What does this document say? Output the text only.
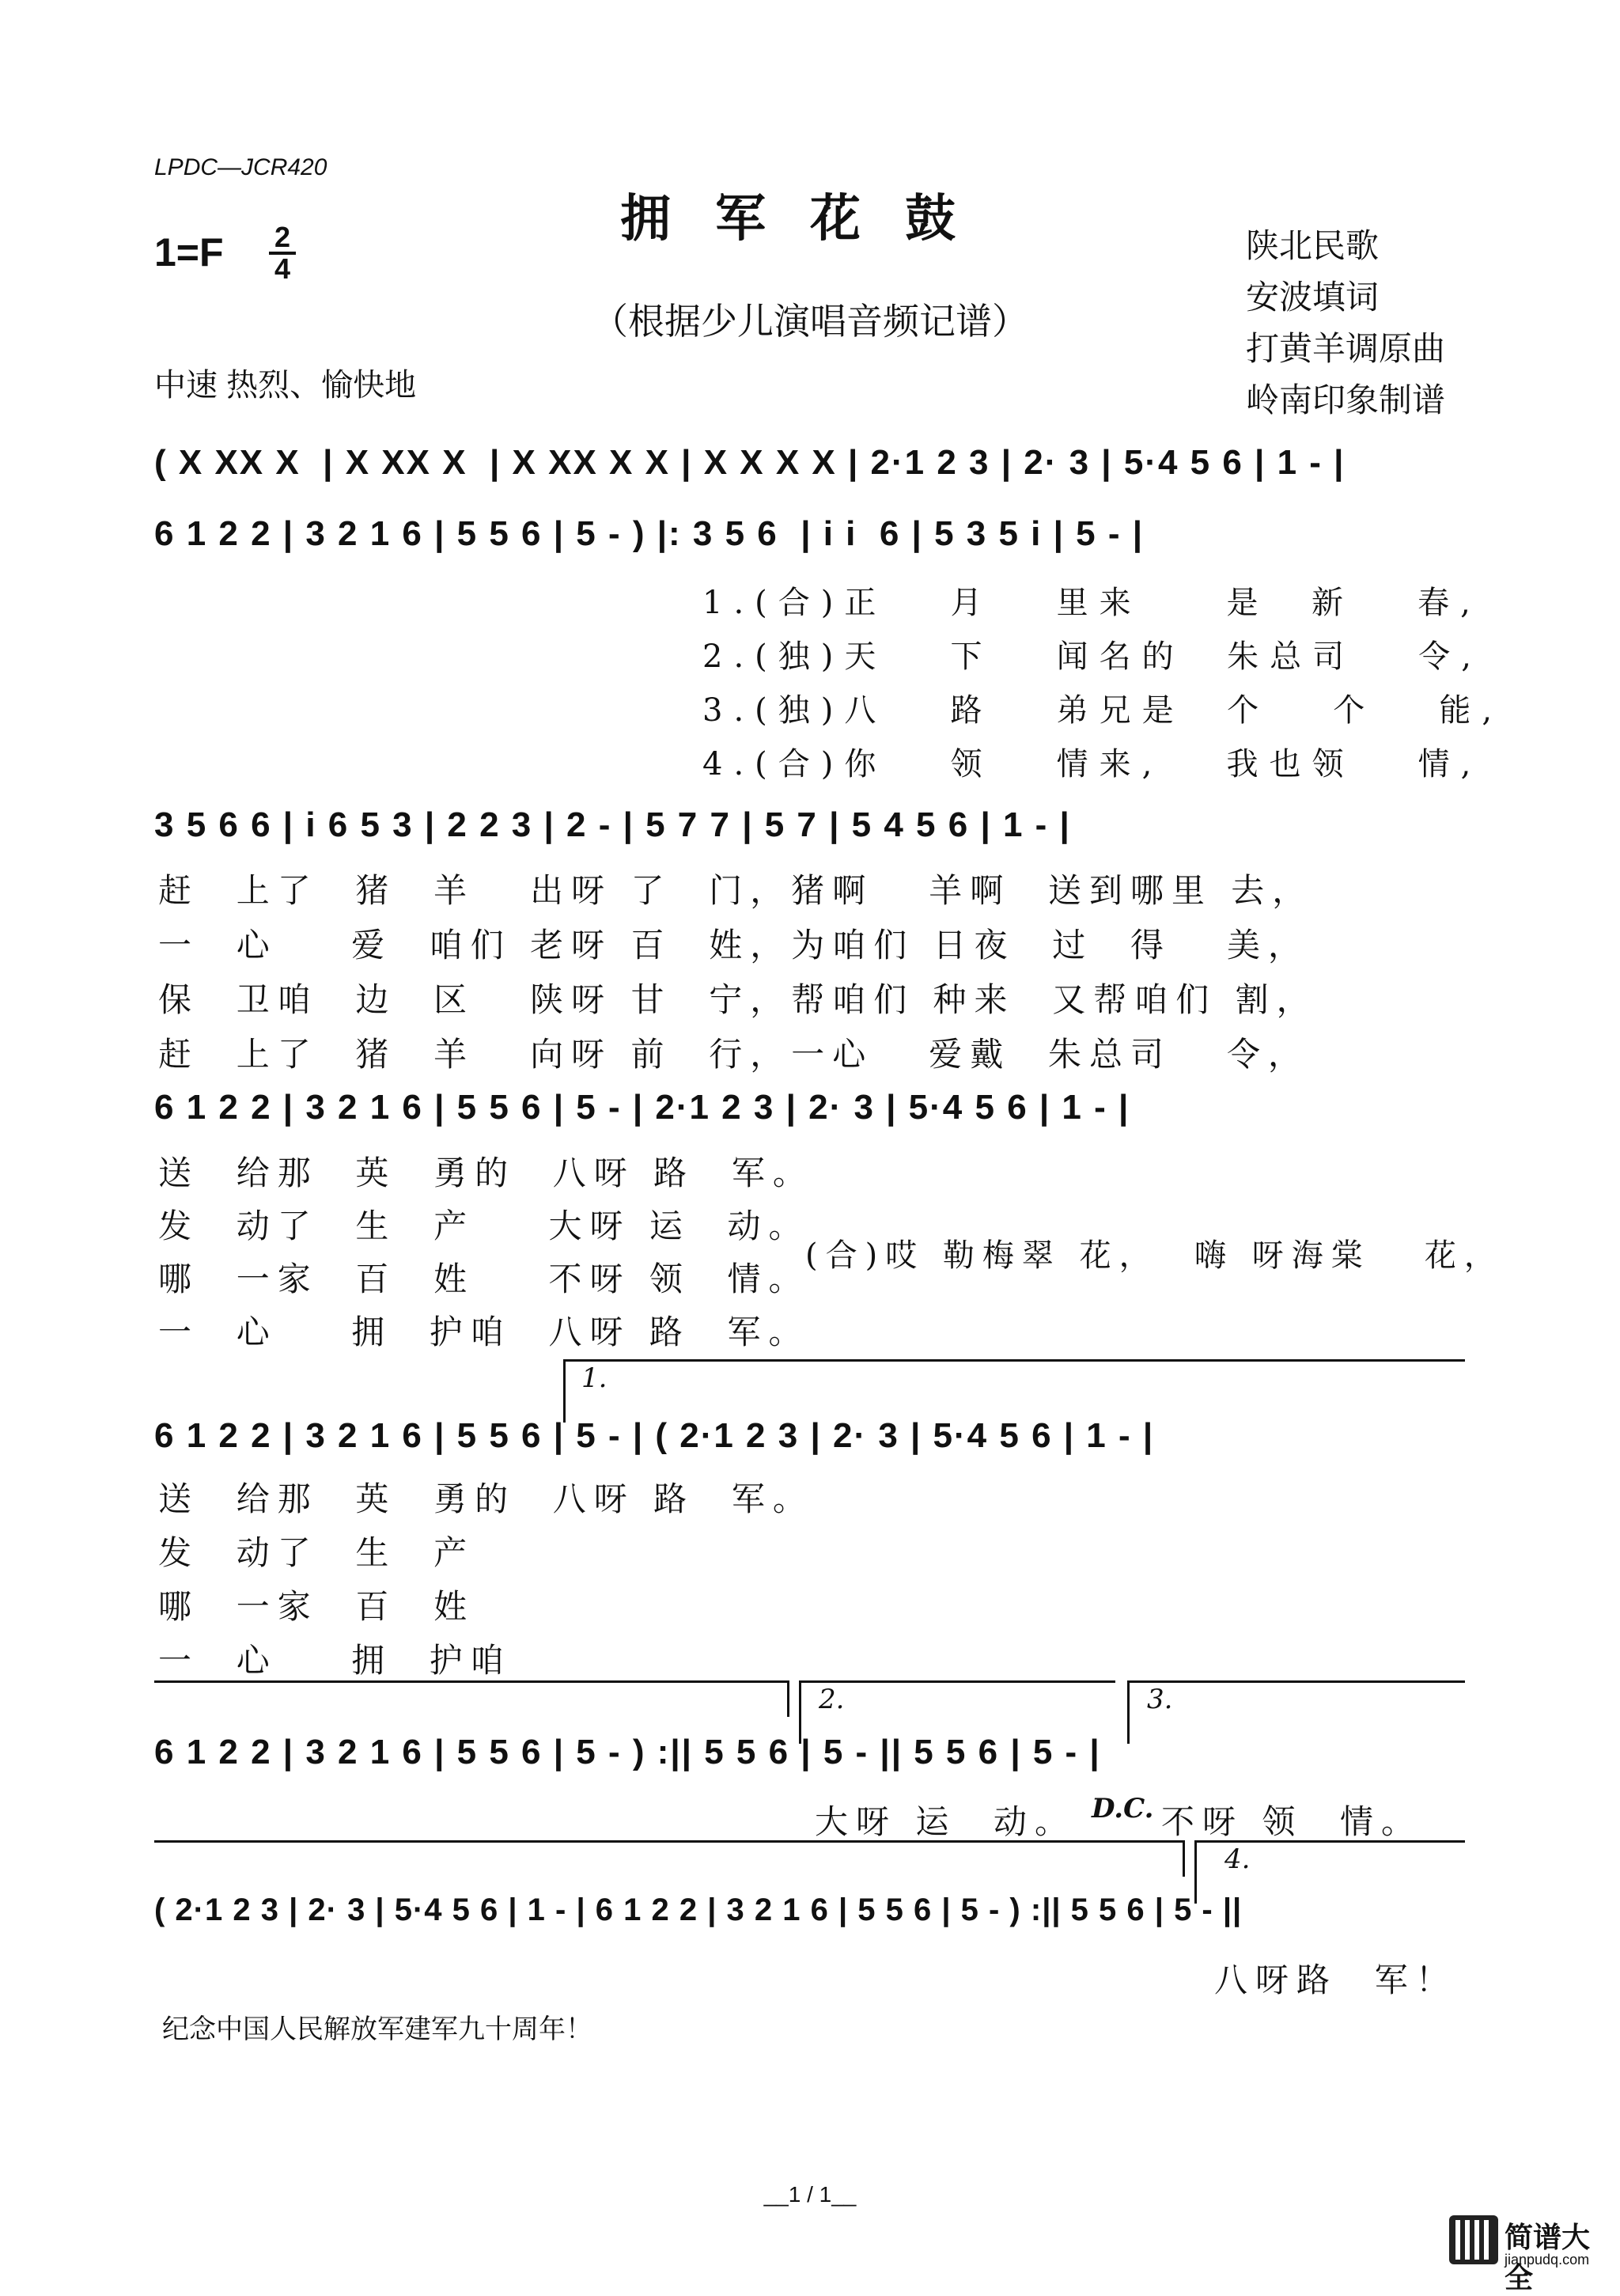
LPDC—JCR420
拥军花鼓
（根据少儿演唱音频记谱）
1=F 2
4
中速 热烈、愉快地
陕北民歌
安波填词
打黄羊调原曲
岭南印象制谱
( X XX X  | X XX X  | X XX X X | X X X X | 2·1 2 3 | 2· 3 | 5·4 5 6 | 1 - |
6 1 2 2 | 3 2 1 6 | 5 5 6 | 5 - ) |: 3 5 6  | i i  6 | 5 3 5 i | 5 - |
1.(合)正   月   里来    是  新   春,
2.(独)天   下   闻名的  朱总司   令,
3.(独)八   路   弟兄是  个   个   能,
4.(合)你   领   情来,   我也领   情,
3 5 6 6 | i 6 5 3 | 2 2 3 | 2 - | 5 7 7 | 5 7 | 5 4 5 6 | 1 - |
赶  上了  猪  羊   出呀 了  门，猪啊   羊啊  送到哪里 去，
一  心    爱  咱们 老呀 百  姓，为咱们 日夜  过  得   美，
保  卫咱  边  区   陕呀 甘  宁，帮咱们 种来  又帮咱们 割，
赶  上了  猪  羊   向呀 前  行，一心   爱戴  朱总司   令，
6 1 2 2 | 3 2 1 6 | 5 5 6 | 5 - | 2·1 2 3 | 2· 3 | 5·4 5 6 | 1 - |
送  给那  英  勇的  八呀 路  军。
发  动了  生  产    大呀 运  动。
哪  一家  百  姓    不呀 领  情。
一  心    拥  护咱  八呀 路  军。
(合)哎 勒梅翠 花，  嗨 呀海棠   花，
1.
6 1 2 2 | 3 2 1 6 | 5 5 6 | 5 - | ( 2·1 2 3 | 2· 3 | 5·4 5 6 | 1 - |
送  给那  英  勇的  八呀 路  军。
发  动了  生  产
哪  一家  百  姓
一  心    拥  护咱
2.	3.
6 1 2 2 | 3 2 1 6 | 5 5 6 | 5 - ) :|| 5 5 6 | 5 - || 5 5 6 | 5 - |
大呀 运  动。 D.C. 不呀 领  情。
4.
( 2·1 2 3 | 2· 3 | 5·4 5 6 | 1 - | 6 1 2 2 | 3 2 1 6 | 5 5 6 | 5 - ) :|| 5 5 6 | 5 - ||
八呀路  军！
纪念中国人民解放军建军九十周年！
__1 / 1__
简谱大全
jianpudq.com
